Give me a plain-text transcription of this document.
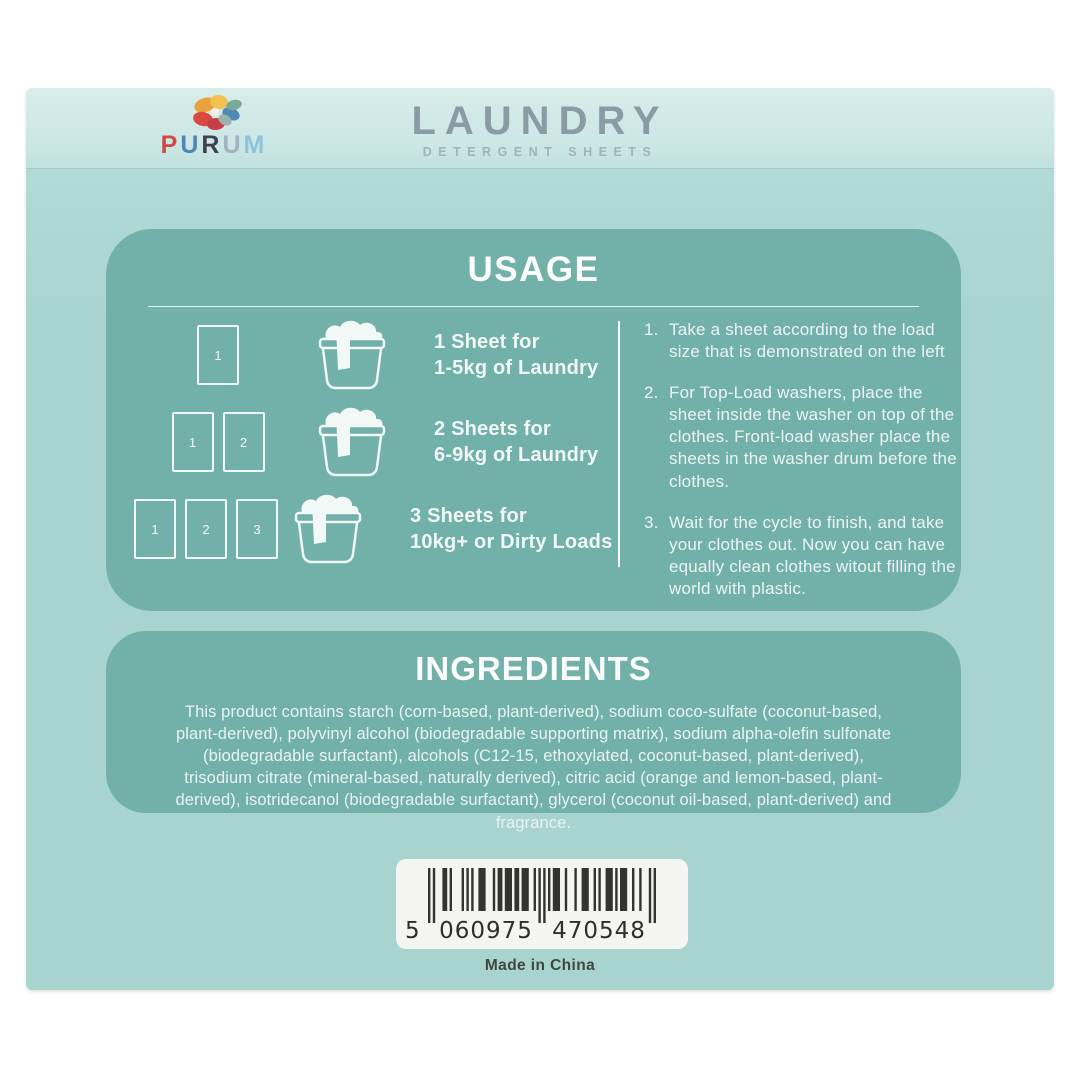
PURUM
LAUNDRY
DETERGENT SHEETS
USAGE
1
1 Sheet for
1-5kg of Laundry
1	2
2 Sheets for
6-9kg of Laundry
1	2	3
3 Sheets for
10kg+ or Dirty Loads
1. Take a sheet according to the load size that is demonstrated on the left
2. For Top-Load washers, place the sheet inside the washer on top of the clothes. Front-load washer place the sheets in the washer drum before the clothes.
3. Wait for the cycle to finish, and take your clothes out. Now you can have equally clean clothes witout filling the world with plastic.
INGREDIENTS

This product contains starch (corn-based, plant-derived), sodium coco-sulfate (coconut-based, plant-derived), polyvinyl alcohol (biodegradable supporting matrix), sodium alpha-olefin sulfonate (biodegradable surfactant), alcohols (C12-15, ethoxylated, coconut-based, plant-derived), trisodium citrate (mineral-based, naturally derived), citric acid (orange and lemon-based, plant-derived), isotridecanol (biodegradable surfactant), glycerol (coconut oil-based, plant-derived) and fragrance.

5 060975 470548
Made in China
